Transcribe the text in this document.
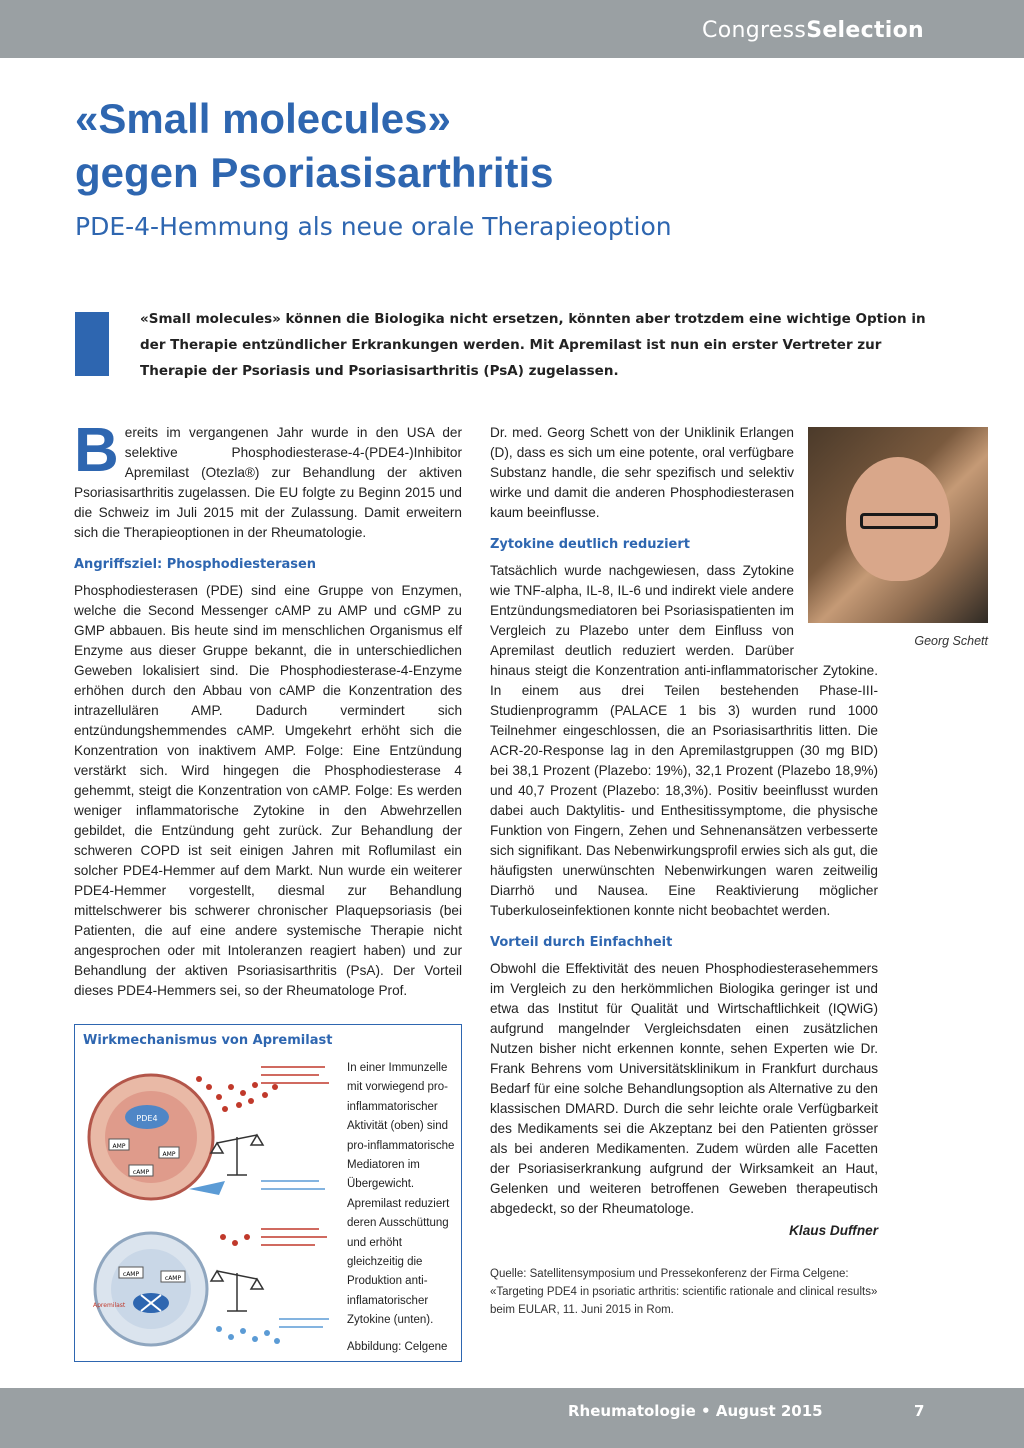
CongressSelection
«Small molecules»
gegen Psoriasisarthritis
PDE-4-Hemmung als neue orale Therapieoption
«Small molecules» können die Biologika nicht ersetzen, könnten aber trotzdem eine wichtige Option in der Therapie entzündlicher Erkrankungen werden. Mit Apremilast ist nun ein erster Vertreter zur Therapie der Psoriasis und Psoriasisarthritis (PsA) zugelassen.

Bereits im vergangenen Jahr wurde in den USA der selektive Phosphodiesterase-4-(PDE4-)Inhibitor Apremilast (Otezla®) zur Behandlung der aktiven Psoriasisarthritis zugelassen. Die EU folgte zu Beginn 2015 und die Schweiz im Juli 2015 mit der Zulassung. Damit erweitern sich die Therapieoptionen in der Rheumatologie.

Angriffsziel: Phosphodiesterasen

Phosphodiesterasen (PDE) sind eine Gruppe von Enzymen, welche die Second Messenger cAMP zu AMP und cGMP zu GMP abbauen. Bis heute sind im menschlichen Organismus elf Enzyme aus dieser Gruppe bekannt, die in unterschiedlichen Geweben lokalisiert sind. Die Phosphodiesterase-4-Enzyme erhöhen durch den Abbau von cAMP die Konzentration des intrazellulären AMP. Dadurch vermindert sich entzündungshemmendes cAMP. Umgekehrt erhöht sich die Konzentration von inaktivem AMP. Folge: Eine Entzündung verstärkt sich. Wird hingegen die Phosphodiesterase 4 gehemmt, steigt die Konzentration von cAMP. Folge: Es werden weniger inflammatorische Zytokine in den Abwehrzellen gebildet, die Entzündung geht zurück. Zur Behandlung der schweren COPD ist seit einigen Jahren mit Roflumilast ein solcher PDE4-Hemmer auf dem Markt. Nun wurde ein weiterer PDE4-Hemmer vorgestellt, diesmal zur Behandlung mittelschwerer bis schwerer chronischer Plaquepsoriasis (bei Patienten, die auf eine andere systemische Therapie nicht angesprochen oder mit Intoleranzen reagiert haben) und zur Behandlung der aktiven Psoriasisarthritis (PsA). Der Vorteil dieses PDE4-Hemmers sei, so der Rheumatologe Prof.

Wirkmechanismus von Apremilast
PDE4
AMP
AMP
cAMP
Apremilast
cAMP
cAMP
In einer Immunzelle mit vorwiegend pro-inflammatorischer Aktivität (oben) sind pro-inflammatorische Mediatoren im Übergewicht. Apremilast reduziert deren Ausschüttung und erhöht gleichzeitig die Produktion anti-inflamatorischer Zytokine (unten).
Abbildung: Celgene
Georg Schett

Dr. med. Georg Schett von der Uniklinik Erlangen (D), dass es sich um eine potente, oral verfügbare Substanz handle, die sehr spezifisch und selektiv wirke und damit die anderen Phosphodiesterasen kaum beeinflusse.

Zytokine deutlich reduziert

Tatsächlich wurde nachgewiesen, dass Zytokine wie TNF-alpha, IL-8, IL-6 und indirekt viele andere Entzündungsmediatoren bei Psoriasispatienten im Vergleich zu Plazebo unter dem Einfluss von Apremilast deutlich reduziert werden. Darüber hinaus steigt die Konzentration anti-inflammatorischer Zytokine. In einem aus drei Teilen bestehenden Phase-III-Studienprogramm (PALACE 1 bis 3) wurden rund 1000 Teilnehmer eingeschlossen, die an Psoriasisarthritis litten. Die ACR-20-Response lag in den Apremilastgruppen (30 mg BID) bei 38,1 Prozent (Plazebo: 19%), 32,1 Prozent (Plazebo 18,9%) und 40,7 Prozent (Plazebo: 18,3%). Positiv beeinflusst wurden dabei auch Daktylitis- und Enthesitissymptome, die physische Funktion von Fingern, Zehen und Sehnenansätzen verbesserte sich signifikant. Das Nebenwirkungsprofil erwies sich als gut, die häufigsten unerwünschten Nebenwirkungen waren zeitweilig Diarrhö und Nausea. Eine Reaktivierung möglicher Tuberkuloseinfektionen konnte nicht beobachtet werden.

Vorteil durch Einfachheit

Obwohl die Effektivität des neuen Phosphodiesterasehemmers im Vergleich zu den herkömmlichen Biologika geringer ist und etwa das Institut für Qualität und Wirtschaftlichkeit (IQWiG) aufgrund mangelnder Vergleichsdaten einen zusätzlichen Nutzen bisher nicht erkennen konnte, sehen Experten wie Dr. Frank Behrens vom Universitätsklinikum in Frankfurt durchaus Bedarf für eine solche Behandlungsoption als Alternative zu den klassischen DMARD. Durch die sehr leichte orale Verfügbarkeit des Medikaments sei die Akzeptanz bei den Patienten grösser als bei anderen Medikamenten. Zudem würden alle Facetten der Psoriasiserkrankung aufgrund der Wirksamkeit an Haut, Gelenken und weiteren betroffenen Geweben therapeutisch abgedeckt, so der Rheumatologe.

Klaus Duffner

Quelle: Satellitensymposium und Pressekonferenz der Firma Celgene: «Targeting PDE4 in psoriatic arthritis: scientific rationale and clinical results» beim EULAR, 11. Juni 2015 in Rom.

Rheumatologie • August 2015	7
